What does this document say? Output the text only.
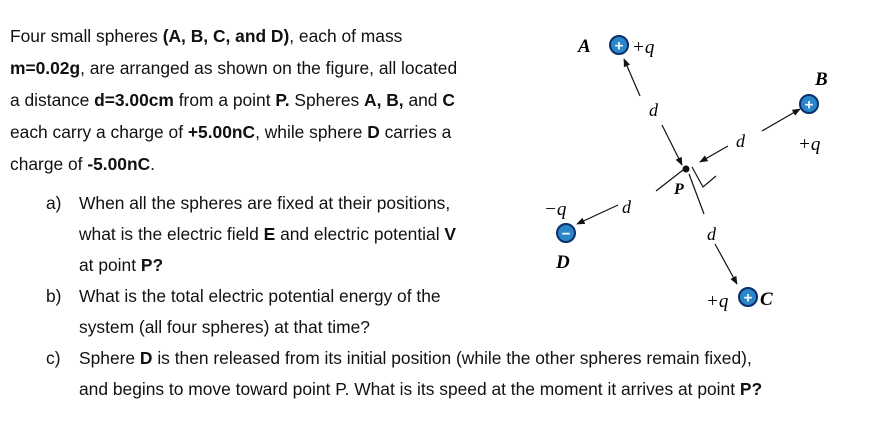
Four small spheres (A, B, C, and D), each of mass
m=0.02g, are arranged as shown on the figure, all located
a distance d=3.00cm from a point P. Spheres A, B, and C
each carry a charge of +5.00nC, while sphere D carries a
charge of -5.00nC.
a) When all the spheres are fixed at their positions,
what is the electric field E and electric potential V
at point P?
b) What is the total electric potential energy of the
system (all four spheres) at that time?
c) Sphere D is then released from its initial position (while the other spheres remain fixed),
and begins to move toward point P. What is its speed at the moment it arrives at point P?
P
d
d
d
d
A + +q
B
+
+q
+q + C
−q
−
D
